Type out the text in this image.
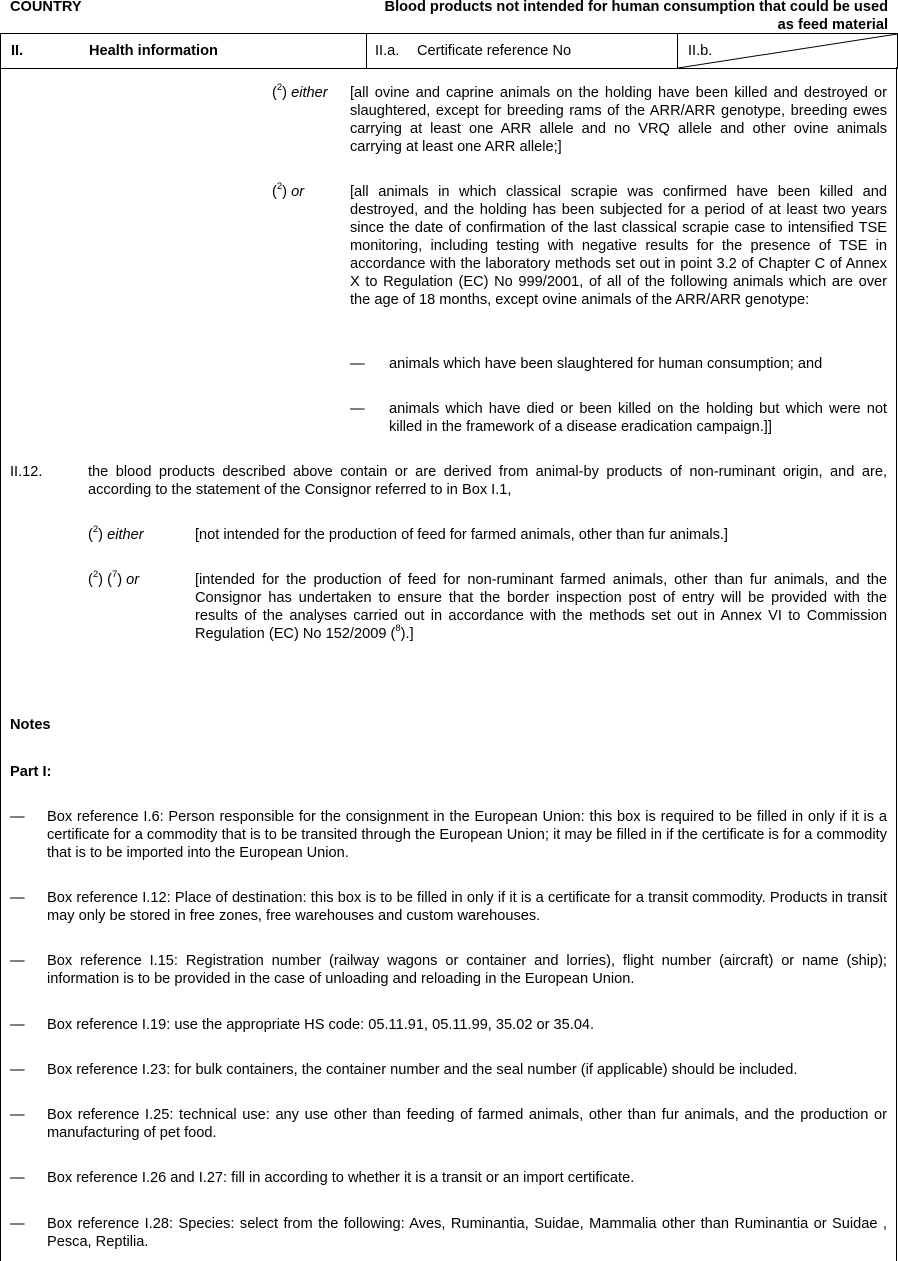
COUNTRY	Blood products not intended for human consumption that could be used as feed material
II.	Health information	II.a. Certificate reference No	II.b.
($^2$) either [all ovine and caprine animals on the holding have been killed and destroyed or slaughtered, except for breeding rams of the ARR/ARR genotype, breeding ewes carrying at least one ARR allele and no VRQ allele and other ovine animals carrying at least one ARR allele;]
($^2$) or	[all animals in which classical scrapie was confirmed have been killed and destroyed, and the holding has been subjected for a period of at least two years since the date of confirmation of the last classical scrapie case to intensified TSE monitoring, including testing with negative results for the presence of TSE in accordance with the laboratory methods set out in point 3.2 of Chapter C of Annex X to Regulation (EC) No 999/2001, of all of the following animals which are over the age of 18 months, except ovine animals of the ARR/ARR genotype:
— animals which have been slaughtered for human consumption; and
— animals which have died or been killed on the holding but which were not killed in the framework of a disease eradication campaign.]]
II.12.	the blood products described above contain or are derived from animal-by products of non-ruminant origin, and are, according to the statement of the Consignor referred to in Box I.1,
($^2$) either	[not intended for the production of feed for farmed animals, other than fur animals.]
($^2$) ($^7$) or	[intended for the production of feed for non-ruminant farmed animals, other than fur animals, and the Consignor has undertaken to ensure that the border inspection post of entry will be provided with the results of the analyses carried out in accordance with the methods set out in Annex VI to Commission Regulation (EC) No 152/2009 ($^8$).]
Notes
Part I:
— Box reference I.6: Person responsible for the consignment in the European Union: this box is required to be filled in only if it is a certificate for a commodity that is to be transited through the European Union; it may be filled in if the certificate is for a commodity that is to be imported into the European Union.
— Box reference I.12: Place of destination: this box is to be filled in only if it is a certificate for a transit commodity. Products in transit may only be stored in free zones, free warehouses and custom warehouses.
— Box reference I.15: Registration number (railway wagons or container and lorries), flight number (aircraft) or name (ship); information is to be provided in the case of unloading and reloading in the European Union.
— Box reference I.19: use the appropriate HS code: 05.11.91, 05.11.99, 35.02 or 35.04.
— Box reference I.23: for bulk containers, the container number and the seal number (if applicable) should be included.
— Box reference I.25: technical use: any use other than feeding of farmed animals, other than fur animals, and the production or manufacturing of pet food.
— Box reference I.26 and I.27: fill in according to whether it is a transit or an import certificate.
— Box reference I.28: Species: select from the following: Aves, Ruminantia, Suidae, Mammalia other than Ruminantia or Suidae , Pesca, Reptilia.
